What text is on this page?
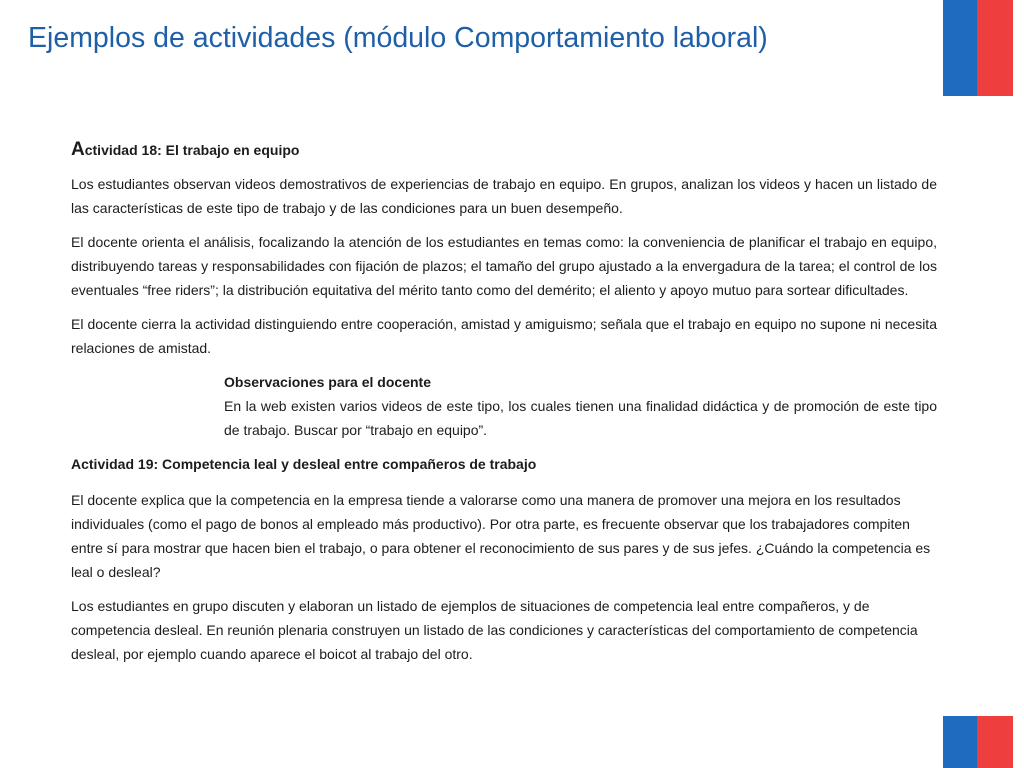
Ejemplos de actividades (módulo Comportamiento laboral)
Actividad 18: El trabajo en equipo

Los estudiantes observan videos demostrativos de experiencias de trabajo en equipo. En grupos, analizan los videos y hacen un listado de las características de este tipo de trabajo y de las condiciones para un buen desempeño.

El docente orienta el análisis, focalizando la atención de los estudiantes en temas como: la conveniencia de planificar el trabajo en equipo, distribuyendo tareas y responsabilidades con fijación de plazos; el tamaño del grupo ajustado a la envergadura de la tarea; el control de los eventuales “free riders”; la distribución equitativa del mérito tanto como del demérito; el aliento y apoyo mutuo para sortear dificultades.

El docente cierra la actividad distinguiendo entre cooperación, amistad y amiguismo; señala que el trabajo en equipo no supone ni necesita relaciones de amistad.

Observaciones para el docente
En la web existen varios videos de este tipo, los cuales tienen una finalidad didáctica y de promoción de este tipo de trabajo. Buscar por “trabajo en equipo”.
Actividad 19: Competencia leal y desleal entre compañeros de trabajo

El docente explica que la competencia en la empresa tiende a valorarse como una manera de promover una mejora en los resultados individuales (como el pago de bonos al empleado más productivo). Por otra parte, es frecuente observar que los trabajadores compiten entre sí para mostrar que hacen bien el trabajo, o para obtener el reconocimiento de sus pares y de sus jefes. ¿Cuándo la competencia es leal o desleal?

Los estudiantes en grupo discuten y elaboran un listado de ejemplos de situaciones de competencia leal entre compañeros, y de competencia desleal. En reunión plenaria construyen un listado de las condiciones y características del comportamiento de competencia desleal, por ejemplo cuando aparece el boicot al trabajo del otro.
